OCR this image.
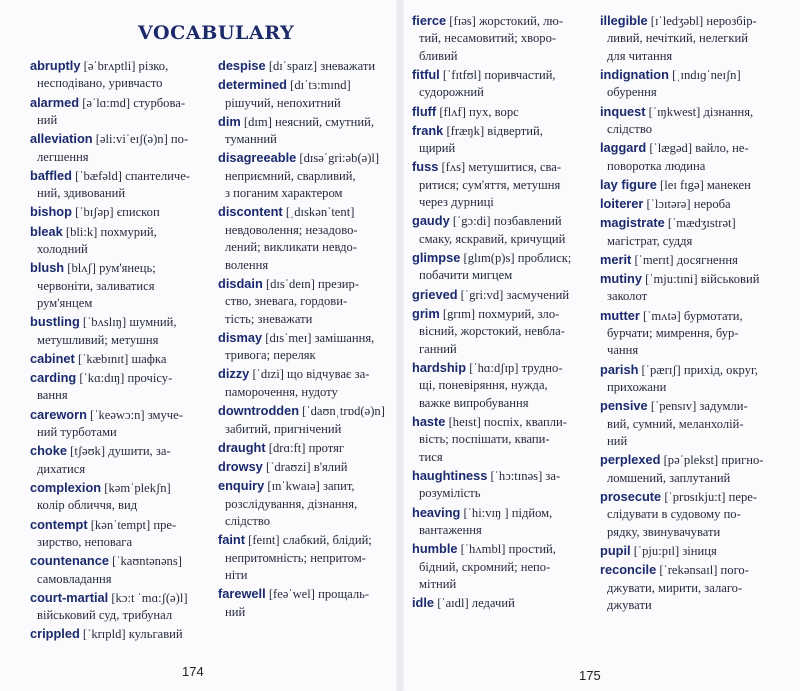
VOCABULARY
abruptly [əˈbrʌptli] різко,
несподівано, уривчасто
alarmed [əˈlɑ:md] стурбова-
ний
alleviation [əli:viˈeɪʃ(ə)n] по-
легшення
baffled [ˈbæfəld] спантеличе-
ний, здивований
bishop [ˈbɪʃəp] єпископ
bleak [bli:k] похмурий,
холодний
blush [blʌʃ] рум'янець;
червоніти, заливатися
рум'янцем
bustling [ˈbʌslɪŋ] шумний,
метушливий; метушня
cabinet [ˈkæbɪnɪt] шафка
carding [ˈkɑ:dɪŋ] прочісу-
вання
careworn [ˈkeəwɔ:n] змуче-
ний турботами
choke [tʃəʊk] душити, за-
дихатися
complexion [kəmˈplekʃn]
колір обличчя, вид
contempt [kənˈtempt] пре-
зирство, неповага
countenance [ˈkaʊntənəns]
самовладання
court-martial [kɔ:t ˈmɑ:ʃ(ə)l]
військовий суд, трибунал
crippled [ˈkrɪpld] кульгавий
despise [dɪˈspaɪz] зневажати
determined [dɪˈtɜ:mɪnd]
рішучий, непохитний
dim [dɪm] неясний, смутний,
туманний
disagreeable [dɪsəˈgri:əb(ə)l]
неприємний, сварливий,
з поганим характером
discontent [ˌdɪskənˈtent]
невдоволення; незадово-
лений; викликати невдо-
волення
disdain [dɪsˈdeɪn] презир-
ство, зневага, гордови-
тість; зневажати
dismay [dɪsˈmeɪ] замішання,
тривога; переляк
dizzy [ˈdɪzi] що відчуває за-
паморочення, нудоту
downtrodden [ˈdaʊnˌtrɒd(ə)n]
забитий, пригнічений
draught [drɑ:ft] протяг
drowsy [ˈdraʊzi] в'ялий
enquiry [ɪnˈkwaɪə] запит,
розслідування, дізнання,
слідство
faint [feɪnt] слабкий, блідий;
непритомність; непритом-
ніти
farewell [feəˈwel] прощаль-
ний
174
fierce [fɪəs] жорстокий, лю-
тий, несамовитий; хворо-
бливий
fitful [ˈfɪtfʊl] поривчастий,
судорожний
fluff [flʌf] пух, ворс
frank [fræŋk] відвертий,
щирий
fuss [fʌs] метушитися, сва-
ритися; сум'яття, метушня
через дурниці
gaudy [ˈgɔ:di] позбавлений
смаку, яскравий, кричущий
glimpse [glɪm(p)s] проблиск;
побачити мигцем
grieved [ˈgri:vd] засмучений
grim [grɪm] похмурий, зло-
вісний, жорстокий, невбла-
ганний
hardship [ˈhɑ:dʃɪp] трудно-
щі, поневіряння, нужда,
важке випробування
haste [heɪst] поспіх, квапли-
вість; поспішати, квапи-
тися
haughtiness [ˈhɔ:tɪnəs] за-
розумілість
heaving [ˈhi:vɪŋ ] підйом,
вантаження
humble [ˈhʌmbl] простий,
бідний, скромний; непо-
мітний
idle [ˈaɪdl] ледачий
illegible [ɪˈledʒəbl] нерозбір-
ливий, нечіткий, нелегкий
для читання
indignation [ˌɪndɪɡˈneɪʃn]
обурення
inquest [ˈɪŋkwest] дізнання,
слідство
laggard [ˈlægəd] вайло, не-
поворотка людина
lay figure [leɪ fɪgə] манекен
loiterer [ˈlɔɪtərə] нероба
magistrate [ˈmædʒɪstrət]
магістрат, суддя
merit [ˈmerɪt] досягнення
mutiny [ˈmju:tɪni] військовий
заколот
mutter [ˈmʌtə] бурмотати,
бурчати; мимрення, бур-
чання
parish [ˈpærɪʃ] прихід, округ,
прихожани
pensive [ˈpensɪv] задумли-
вий, сумний, меланхолій-
ний
perplexed [pəˈplekst] пригно-
ломшений, заплутаний
prosecute [ˈprɒsɪkju:t] пере-
слідувати в судовому по-
рядку, звинувачувати
pupil [ˈpju:pɪl] зіниця
reconcile [ˈrekənsaɪl] пого-
джувати, мирити, залаго-
джувати
175
